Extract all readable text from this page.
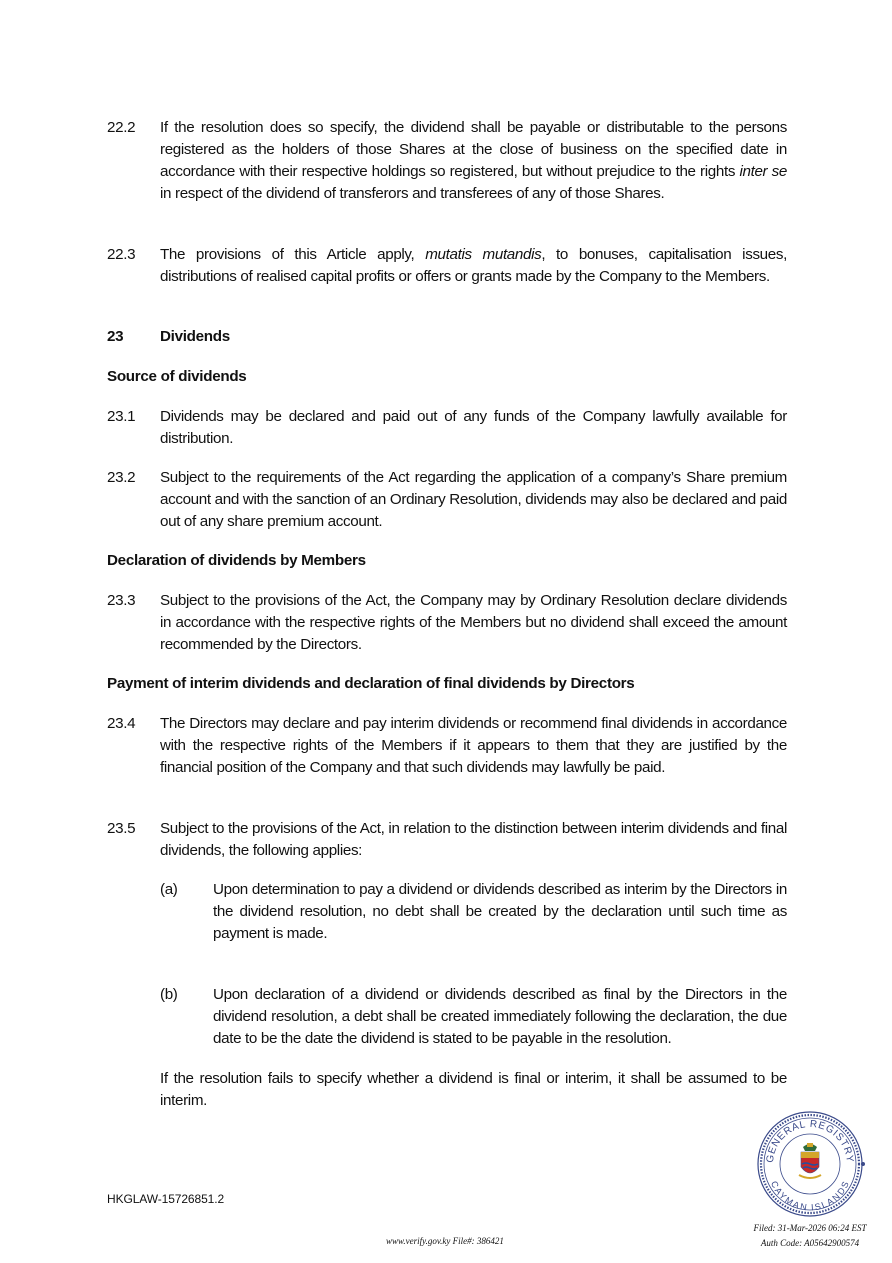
22.2 If the resolution does so specify, the dividend shall be payable or distributable to the persons registered as the holders of those Shares at the close of business on the specified date in accordance with their respective holdings so registered, but without prejudice to the rights inter se in respect of the dividend of transferors and transferees of any of those Shares.
22.3 The provisions of this Article apply, mutatis mutandis, to bonuses, capitalisation issues, distributions of realised capital profits or offers or grants made by the Company to the Members.
23 Dividends
Source of dividends
23.1 Dividends may be declared and paid out of any funds of the Company lawfully available for distribution.
23.2 Subject to the requirements of the Act regarding the application of a company’s Share premium account and with the sanction of an Ordinary Resolution, dividends may also be declared and paid out of any share premium account.
Declaration of dividends by Members
23.3 Subject to the provisions of the Act, the Company may by Ordinary Resolution declare dividends in accordance with the respective rights of the Members but no dividend shall exceed the amount recommended by the Directors.
Payment of interim dividends and declaration of final dividends by Directors
23.4 The Directors may declare and pay interim dividends or recommend final dividends in accordance with the respective rights of the Members if it appears to them that they are justified by the financial position of the Company and that such dividends may lawfully be paid.
23.5 Subject to the provisions of the Act, in relation to the distinction between interim dividends and final dividends, the following applies:
(a) Upon determination to pay a dividend or dividends described as interim by the Directors in the dividend resolution, no debt shall be created by the declaration until such time as payment is made.
(b) Upon declaration of a dividend or dividends described as final by the Directors in the dividend resolution, a debt shall be created immediately following the declaration, the due date to be the date the dividend is stated to be payable in the resolution.
If the resolution fails to specify whether a dividend is final or interim, it shall be assumed to be interim.
HKGLAW-15726851.2
www.verify.gov.ky File#: 386421
GENERAL REGISTRY
CAYMAN ISLANDS
Filed: 31-Mar-2026 06:24 EST
Auth Code: A05642900574
